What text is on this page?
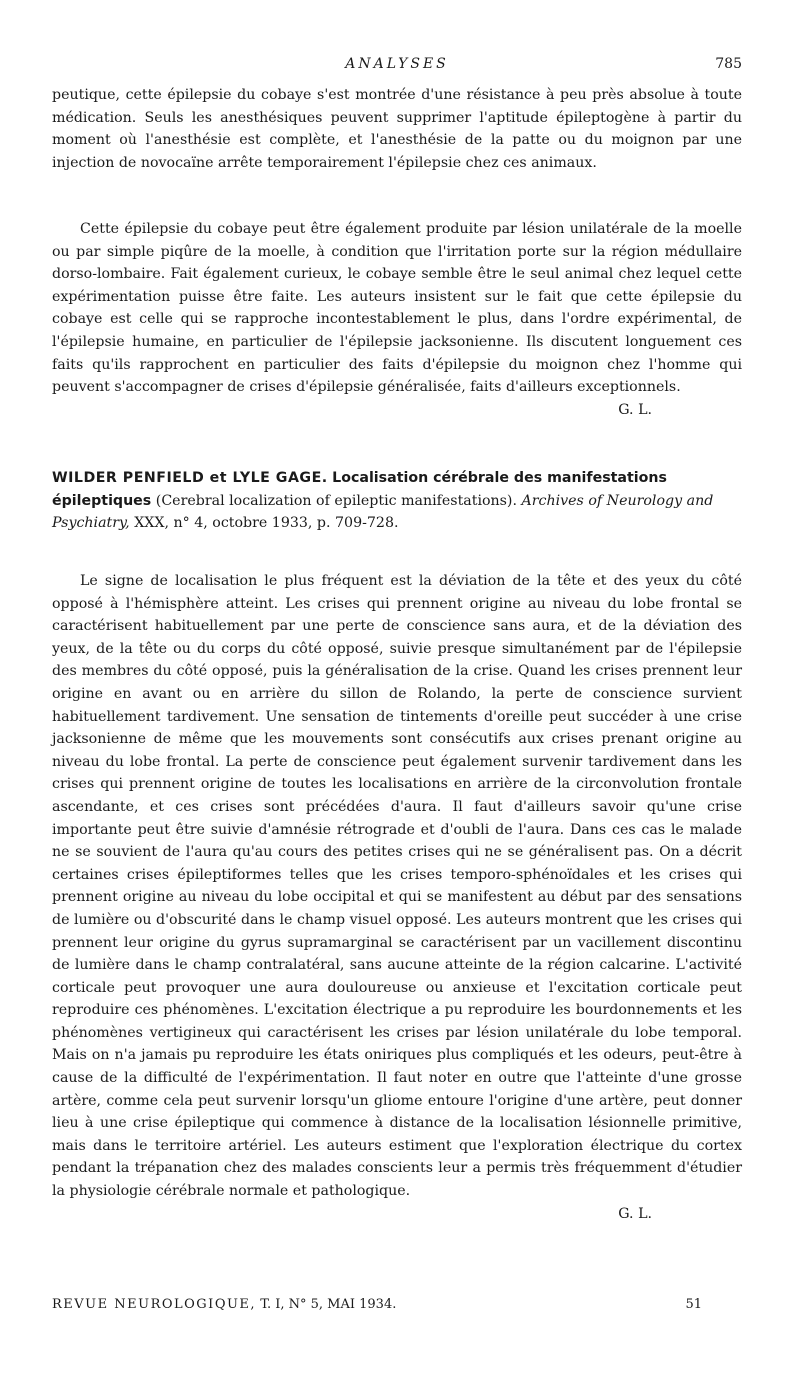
ANALYSES	785

peutique, cette épilepsie du cobaye s'est montrée d'une résistance à peu près absolue à toute médication. Seuls les anesthésiques peuvent supprimer l'aptitude épileptogène à partir du moment où l'anesthésie est complète, et l'anesthésie de la patte ou du moignon par une injection de novocaïne arrête temporairement l'épilepsie chez ces animaux.

Cette épilepsie du cobaye peut être également produite par lésion unilatérale de la moelle ou par simple piqûre de la moelle, à condition que l'irritation porte sur la région médullaire dorso-lombaire. Fait également curieux, le cobaye semble être le seul animal chez lequel cette expérimentation puisse être faite. Les auteurs insistent sur le fait que cette épilepsie du cobaye est celle qui se rapproche incontestablement le plus, dans l'ordre expérimental, de l'épilepsie humaine, en particulier de l'épilepsie jacksonienne. Ils discutent longuement ces faits qu'ils rapprochent en particulier des faits d'épilepsie du moignon chez l'homme qui peuvent s'accompagner de crises d'épilepsie généralisée, faits d'ailleurs exceptionnels.

G. L.
WILDER PENFIELD et LYLE GAGE. Localisation cérébrale des manifestations épileptiques (Cerebral localization of epileptic manifestations). Archives of Neurology and Psychiatry, XXX, n° 4, octobre 1933, p. 709-728.

Le signe de localisation le plus fréquent est la déviation de la tête et des yeux du côté opposé à l'hémisphère atteint. Les crises qui prennent origine au niveau du lobe frontal se caractérisent habituellement par une perte de conscience sans aura, et de la déviation des yeux, de la tête ou du corps du côté opposé, suivie presque simultanément par de l'épilepsie des membres du côté opposé, puis la généralisation de la crise. Quand les crises prennent leur origine en avant ou en arrière du sillon de Rolando, la perte de conscience survient habituellement tardivement. Une sensation de tintements d'oreille peut succéder à une crise jacksonienne de même que les mouvements sont consécutifs aux crises prenant origine au niveau du lobe frontal. La perte de conscience peut également survenir tardivement dans les crises qui prennent origine de toutes les localisations en arrière de la circonvolution frontale ascendante, et ces crises sont précédées d'aura. Il faut d'ailleurs savoir qu'une crise importante peut être suivie d'amnésie rétrograde et d'oubli de l'aura. Dans ces cas le malade ne se souvient de l'aura qu'au cours des petites crises qui ne se généralisent pas. On a décrit certaines crises épileptiformes telles que les crises temporo-sphénoïdales et les crises qui prennent origine au niveau du lobe occipital et qui se manifestent au début par des sensations de lumière ou d'obscurité dans le champ visuel opposé. Les auteurs montrent que les crises qui prennent leur origine du gyrus supramarginal se caractérisent par un vacillement discontinu de lumière dans le champ contralatéral, sans aucune atteinte de la région calcarine. L'activité corticale peut provoquer une aura douloureuse ou anxieuse et l'excitation corticale peut reproduire ces phénomènes. L'excitation électrique a pu reproduire les bourdonnements et les phénomènes vertigineux qui caractérisent les crises par lésion unilatérale du lobe temporal. Mais on n'a jamais pu reproduire les états oniriques plus compliqués et les odeurs, peut-être à cause de la difficulté de l'expérimentation. Il faut noter en outre que l'atteinte d'une grosse artère, comme cela peut survenir lorsqu'un gliome entoure l'origine d'une artère, peut donner lieu à une crise épileptique qui commence à distance de la localisation lésionnelle primitive, mais dans le territoire artériel. Les auteurs estiment que l'exploration électrique du cortex pendant la trépanation chez des malades conscients leur a permis très fréquemment d'étudier la physiologie cérébrale normale et pathologique.

G. L.
REVUE NEUROLOGIQUE, T. I, N° 5, MAI 1934.	51
